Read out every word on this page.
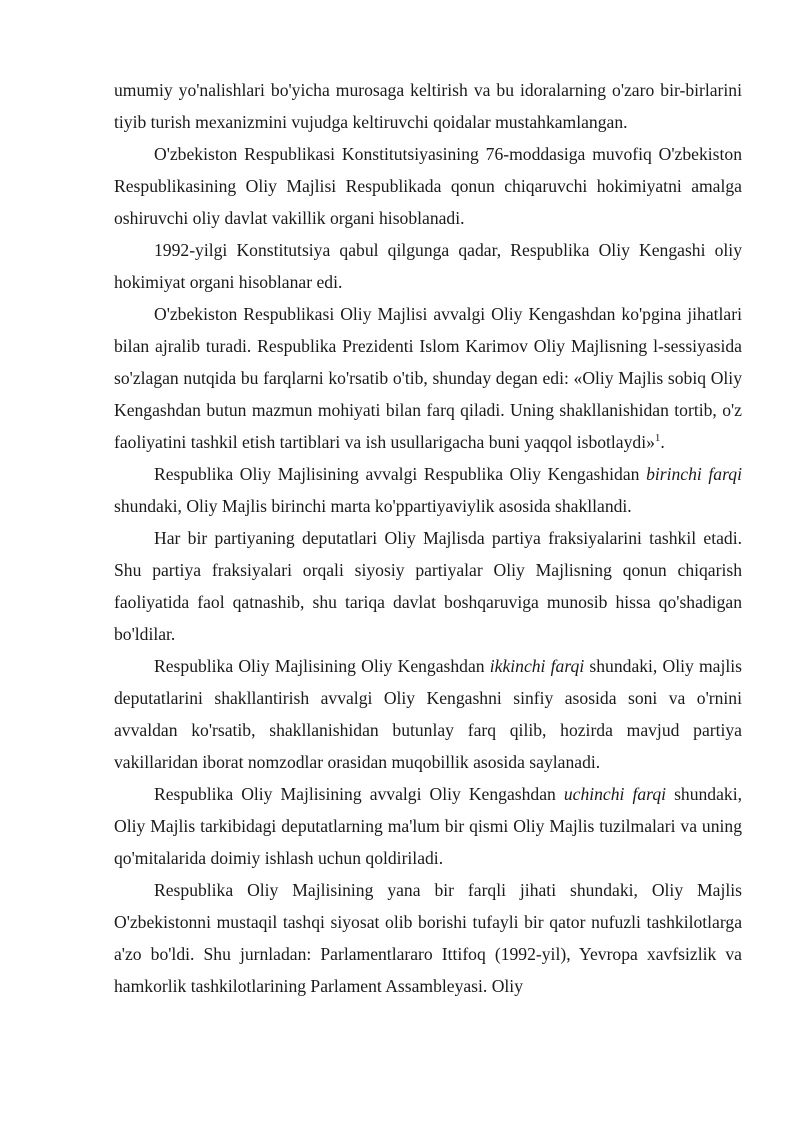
umumiy yo'nalishlari bo'yicha murosaga keltirish va bu idoralarning o'zaro bir-birlarini tiyib turish mexanizmini vujudga keltiruvchi qoidalar mustahkamlangan.

O'zbekiston Respublikasi Konstitutsiyasining 76-moddasiga muvofiq O'zbekiston Respublikasining Oliy Majlisi Respublikada qonun chiqaruvchi hokimiyatni amalga oshiruvchi oliy davlat vakillik organi hisoblanadi.

1992-yilgi Konstitutsiya qabul qilgunga qadar, Respublika Oliy Kengashi oliy hokimiyat organi hisoblanar edi.

O'zbekiston Respublikasi Oliy Majlisi avvalgi Oliy Kengashdan ko'pgina jihatlari bilan ajralib turadi. Respublika Prezidenti Islom Karimov Oliy Majlisning l-sessiyasida so'zlagan nutqida bu farqlarni ko'rsatib o'tib, shunday degan edi: «Oliy Majlis sobiq Oliy Kengashdan butun mazmun mohiyati bilan farq qiladi. Uning shakllanishidan tortib, o'z faoliyatini tashkil etish tartiblari va ish usullarigacha buni yaqqol isbotlaydi»$^1$.

Respublika Oliy Majlisining avvalgi Respublika Oliy Kengashidan birinchi farqi shundaki, Oliy Majlis birinchi marta ko'ppartiyaviylik asosida shakllandi.

Har bir partiyaning deputatlari Oliy Majlisda partiya fraksiyalarini tashkil etadi. Shu partiya fraksiyalari orqali siyosiy partiyalar Oliy Majlisning qonun chiqarish faoliyatida faol qatnashib, shu tariqa davlat boshqaruviga munosib hissa qo'shadigan bo'ldilar.

Respublika Oliy Majlisining Oliy Kengashdan ikkinchi farqi shundaki, Oliy majlis deputatlarini shakllantirish avvalgi Oliy Kengashni sinfiy asosida soni va o'rnini avvaldan ko'rsatib, shakllanishidan butunlay farq qilib, hozirda mavjud partiya vakillaridan iborat nomzodlar orasidan muqobillik asosida saylanadi.

Respublika Oliy Majlisining avvalgi Oliy Kengashdan uchinchi farqi shundaki, Oliy Majlis tarkibidagi deputatlarning ma'lum bir qismi Oliy Majlis tuzilmalari va uning qo'mitalarida doimiy ishlash uchun qoldiriladi.

Respublika Oliy Majlisining yana bir farqli jihati shundaki, Oliy Majlis O'zbekistonni mustaqil tashqi siyosat olib borishi tufayli bir qator nufuzli tashkilotlarga a'zo bo'ldi. Shu jurnladan: Parlamentlararo Ittifoq (1992-yil), Yevropa xavfsizlik va hamkorlik tashkilotlarining Parlament Assambleyasi. Oliy
